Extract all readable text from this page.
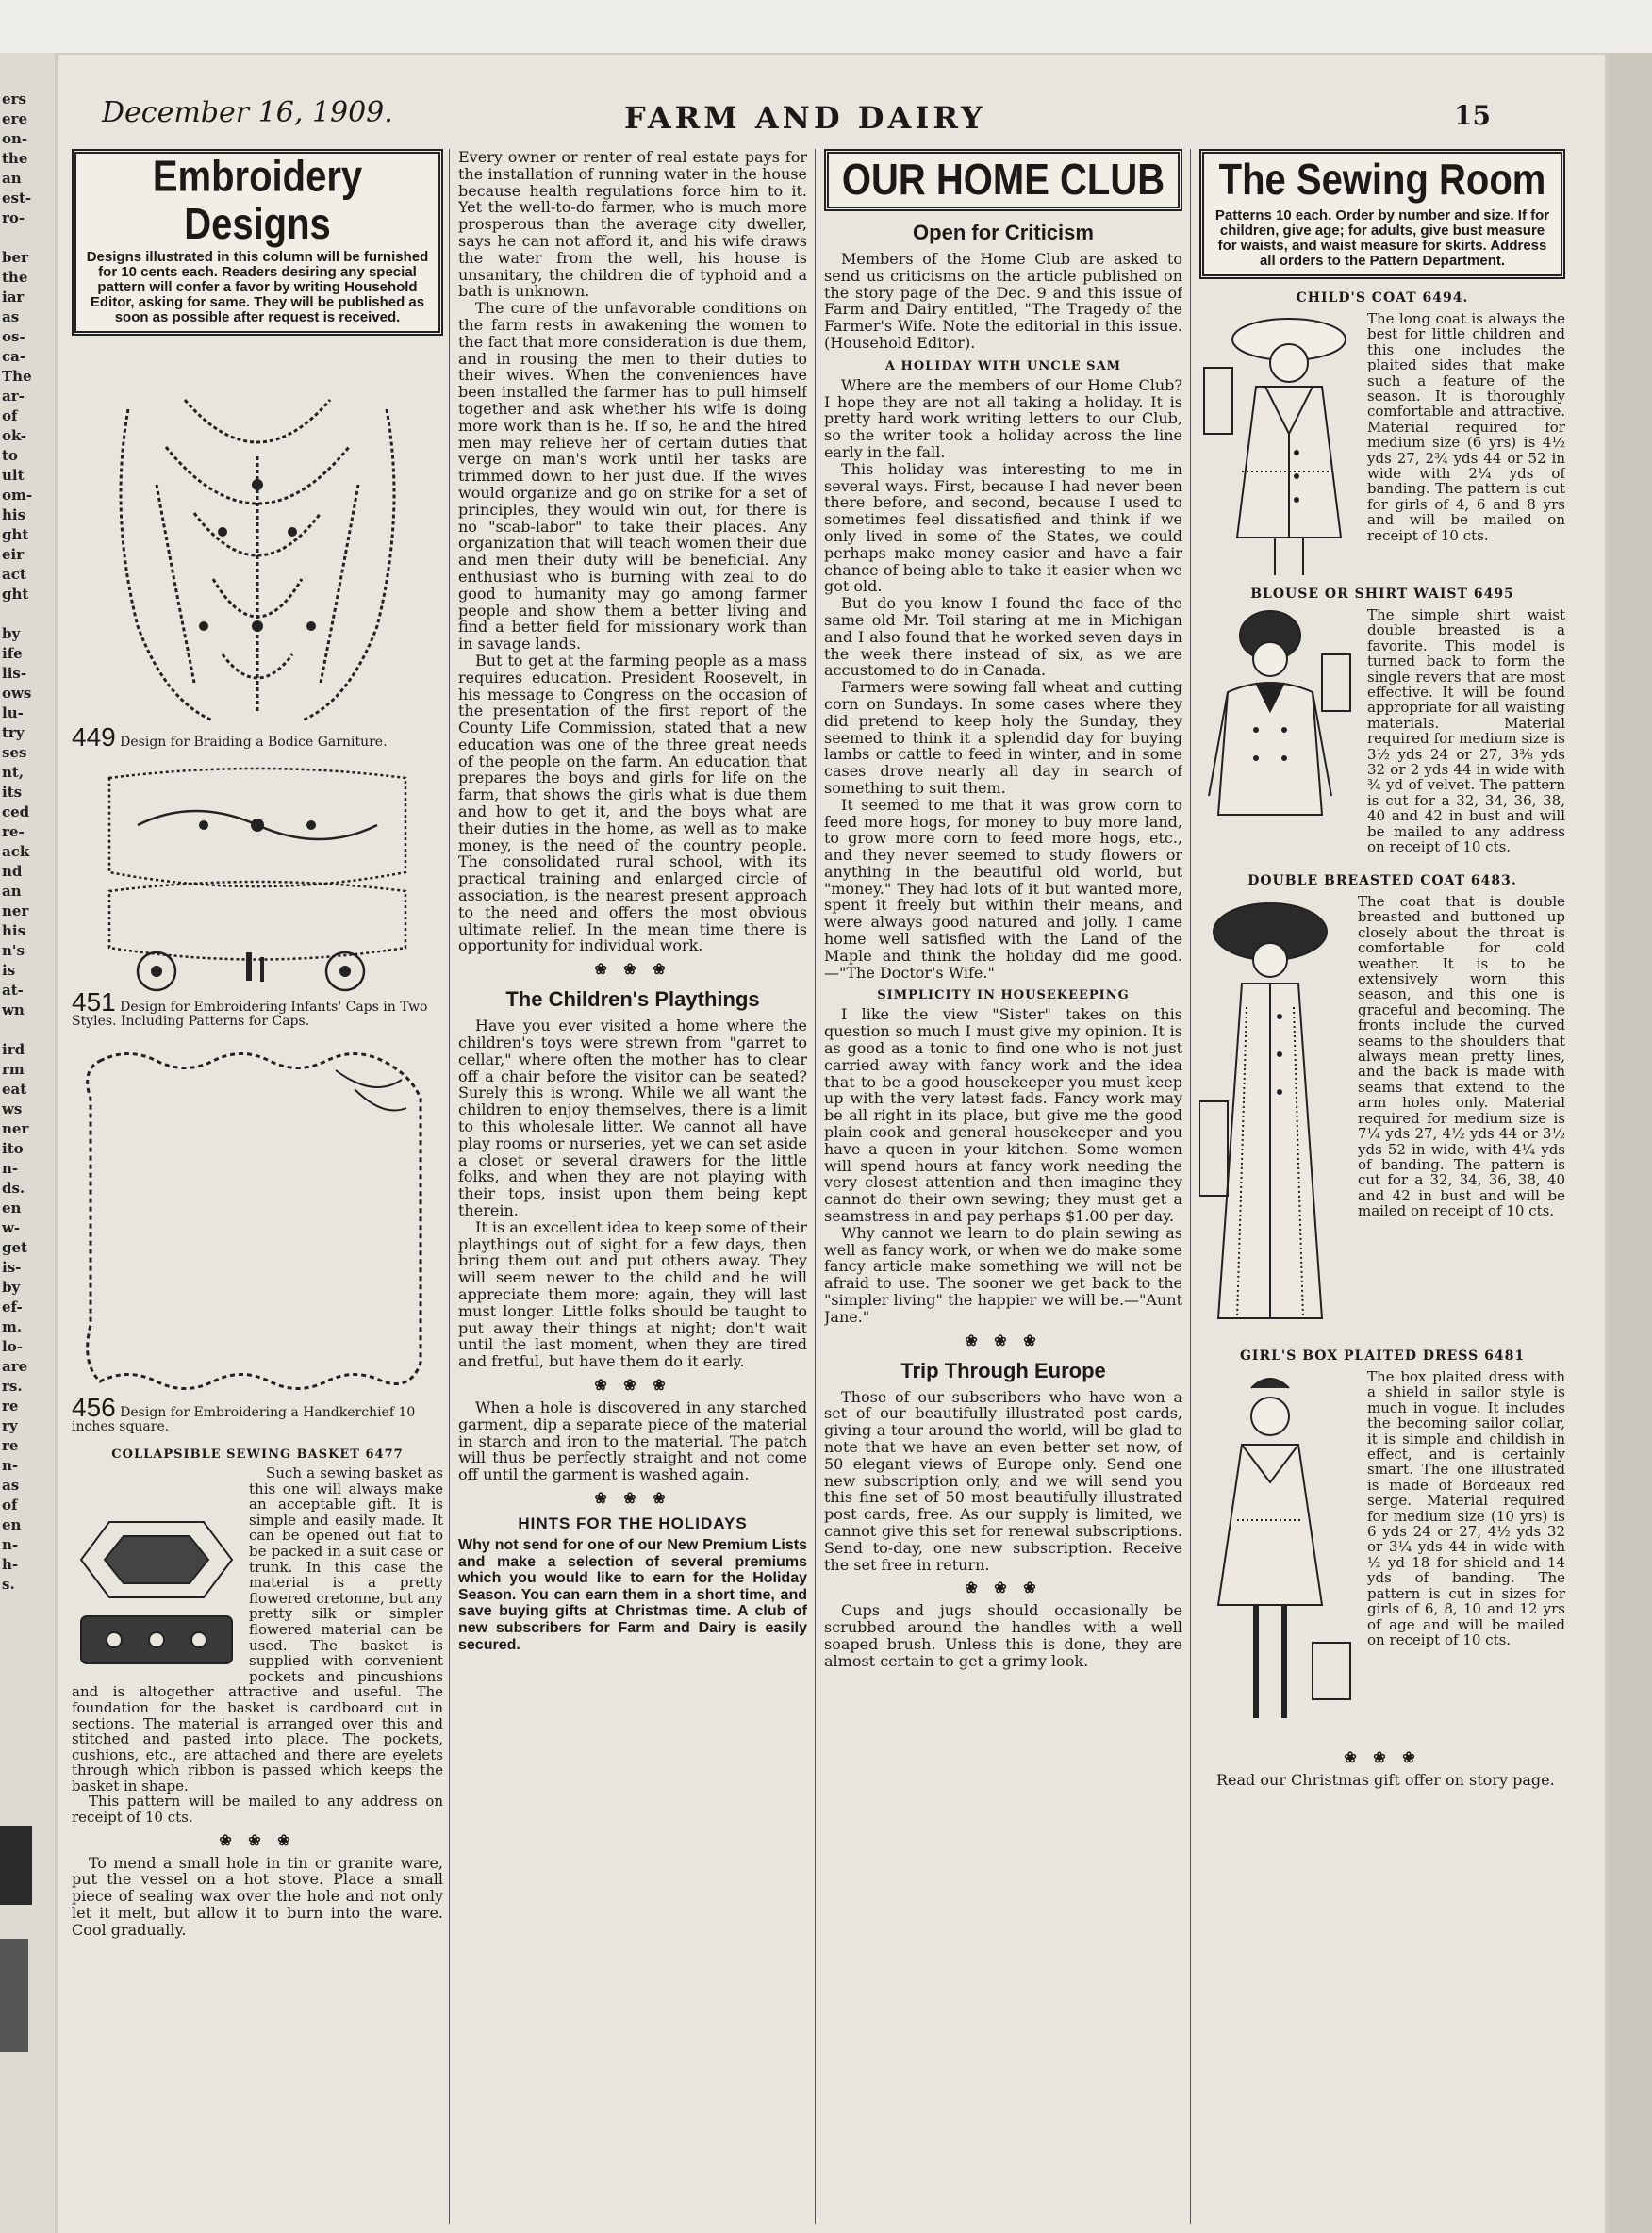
ers
ere
on-
the
an
est-
ro-
ber
the
iar
as
os-
ca-
The
ar-
of
ok-
to
ult
om-
his
ght
eir
act
ght
by
ife
lis-
ows
lu-
try
ses
nt,
its
ced
re-
ack
nd
an
ner
his
n's
is
at-
wn
ird
rm
eat
ws
ner
ito
n-
ds.
en
w-
get
is-
by
ef-
m.
lo-
are
rs.
re
ry
re
n-
as
of
en
n-
h-
s.
December 16, 1909.	FARM AND DAIRY	15
Embroidery Designs
Designs illustrated in this column will be furnished for 10 cents each. Readers desiring any special pattern will confer a favor by writing Household Editor, asking for same. They will be published as soon as possible after request is received.
449 Design for Braiding a Bodice Garniture.
451 Design for Embroidering Infants' Caps in Two Styles. Including Patterns for Caps.
456 Design for Embroidering a Handkerchief 10 inches square.
COLLAPSIBLE SEWING BASKET 6477

Such a sewing basket as this one will always make an acceptable gift. It is simple and easily made. It can be opened out flat to be packed in a suit case or trunk. In this case the material is a pretty flowered cretonne, but any pretty silk or simpler flowered material can be used. The basket is supplied with convenient pockets and pincushions and is altogether attractive and useful. The foundation for the basket is cardboard cut in sections. The material is arranged over this and stitched and pasted into place. The pockets, cushions, etc., are attached and there are eyelets through which ribbon is passed which keeps the basket in shape.

This pattern will be mailed to any address on receipt of 10 cts.

❀ ❀ ❀

To mend a small hole in tin or granite ware, put the vessel on a hot stove. Place a small piece of sealing wax over the hole and not only let it melt, but allow it to burn into the ware. Cool gradually.

Every owner or renter of real estate pays for the installation of running water in the house because health regulations force him to it. Yet the well-to-do farmer, who is much more prosperous than the average city dweller, says he can not afford it, and his wife draws the water from the well, his house is unsanitary, the children die of typhoid and a bath is unknown.

The cure of the unfavorable conditions on the farm rests in awakening the women to the fact that more consideration is due them, and in rousing the men to their duties to their wives. When the conveniences have been installed the farmer has to pull himself together and ask whether his wife is doing more work than is he. If so, he and the hired men may relieve her of certain duties that verge on man's work until her tasks are trimmed down to her just due. If the wives would organize and go on strike for a set of principles, they would win out, for there is no "scab-labor" to take their places. Any organization that will teach women their due and men their duty will be beneficial. Any enthusiast who is burning with zeal to do good to humanity may go among farmer people and show them a better living and find a better field for missionary work than in savage lands.

But to get at the farming people as a mass requires education. President Roosevelt, in his message to Congress on the occasion of the presentation of the first report of the County Life Commission, stated that a new education was one of the three great needs of the people on the farm. An education that prepares the boys and girls for life on the farm, that shows the girls what is due them and how to get it, and the boys what are their duties in the home, as well as to make money, is the need of the country people. The consolidated rural school, with its practical training and enlarged circle of association, is the nearest present approach to the need and offers the most obvious ultimate relief. In the mean time there is opportunity for individual work.

❀ ❀ ❀
The Children's Playthings

Have you ever visited a home where the children's toys were strewn from "garret to cellar," where often the mother has to clear off a chair before the visitor can be seated? Surely this is wrong. While we all want the children to enjoy themselves, there is a limit to this wholesale litter. We cannot all have play rooms or nurseries, yet we can set aside a closet or several drawers for the little folks, and when they are not playing with their tops, insist upon them being kept therein.

It is an excellent idea to keep some of their playthings out of sight for a few days, then bring them out and put others away. They will seem newer to the child and he will appreciate them more; again, they will last must longer. Little folks should be taught to put away their things at night; don't wait until the last moment, when they are tired and fretful, but have them do it early.

❀ ❀ ❀

When a hole is discovered in any starched garment, dip a separate piece of the material in starch and iron to the material. The patch will thus be perfectly straight and not come off until the garment is washed again.

❀ ❀ ❀
HINTS FOR THE HOLIDAYS
Why not send for one of our New Premium Lists and make a selection of several premiums which you would like to earn for the Holiday Season. You can earn them in a short time, and save buying gifts at Christmas time. A club of new subscribers for Farm and Dairy is easily secured.
OUR HOME CLUB
Open for Criticism

Members of the Home Club are asked to send us criticisms on the article published on the story page of the Dec. 9 and this issue of Farm and Dairy entitled, "The Tragedy of the Farmer's Wife. Note the editorial in this issue. (Household Editor).

A HOLIDAY WITH UNCLE SAM

Where are the members of our Home Club? I hope they are not all taking a holiday. It is pretty hard work writing letters to our Club, so the writer took a holiday across the line early in the fall.

This holiday was interesting to me in several ways. First, because I had never been there before, and second, because I used to sometimes feel dissatisfied and think if we only lived in some of the States, we could perhaps make money easier and have a fair chance of being able to take it easier when we got old.

But do you know I found the face of the same old Mr. Toil staring at me in Michigan and I also found that he worked seven days in the week there instead of six, as we are accustomed to do in Canada.

Farmers were sowing fall wheat and cutting corn on Sundays. In some cases where they did pretend to keep holy the Sunday, they seemed to think it a splendid day for buying lambs or cattle to feed in winter, and in some cases drove nearly all day in search of something to suit them.

It seemed to me that it was grow corn to feed more hogs, for money to buy more land, to grow more corn to feed more hogs, etc., and they never seemed to study flowers or anything in the beautiful old world, but "money." They had lots of it but wanted more, spent it freely but within their means, and were always good natured and jolly. I came home well satisfied with the Land of the Maple and think the holiday did me good.—"The Doctor's Wife."

SIMPLICITY IN HOUSEKEEPING

I like the view "Sister" takes on this question so much I must give my opinion. It is as good as a tonic to find one who is not just carried away with fancy work and the idea that to be a good housekeeper you must keep up with the very latest fads. Fancy work may be all right in its place, but give me the good plain cook and general housekeeper and you have a queen in your kitchen. Some women will spend hours at fancy work needing the very closest attention and then imagine they cannot do their own sewing; they must get a seamstress in and pay perhaps $1.00 per day.

Why cannot we learn to do plain sewing as well as fancy work, or when we do make some fancy article make something we will not be afraid to use. The sooner we get back to the "simpler living" the happier we will be.—"Aunt Jane."

❀ ❀ ❀
Trip Through Europe

Those of our subscribers who have won a set of our beautifully illustrated post cards, giving a tour around the world, will be glad to note that we have an even better set now, of 50 elegant views of Europe only. Send one new subscription only, and we will send you this fine set of 50 most beautifully illustrated post cards, free. As our supply is limited, we cannot give this set for renewal subscriptions. Send to-day, one new subscription. Receive the set free in return.

❀ ❀ ❀

Cups and jugs should occasionally be scrubbed around the handles with a well soaped brush. Unless this is done, they are almost certain to get a grimy look.

The Sewing Room
Patterns 10 each. Order by number and size. If for children, give age; for adults, give bust measure for waists, and waist measure for skirts. Address all orders to the Pattern Department.
CHILD'S COAT 6494.
The long coat is always the best for little children and this one includes the plaited sides that make such a feature of the season. It is thoroughly comfortable and attractive. Material required for medium size (6 yrs) is 4½ yds 27, 2¾ yds 44 or 52 in wide with 2¼ yds of banding. The pattern is cut for girls of 4, 6 and 8 yrs and will be mailed on receipt of 10 cts.
BLOUSE OR SHIRT WAIST 6495
The simple shirt waist double breasted is a favorite. This model is turned back to form the single revers that are most effective. It will be found appropriate for all waisting materials. Material required for medium size is 3½ yds 24 or 27, 3⅜ yds 32 or 2 yds 44 in wide with ¾ yd of velvet. The pattern is cut for a 32, 34, 36, 38, 40 and 42 in bust and will be mailed to any address on receipt of 10 cts.
DOUBLE BREASTED COAT 6483.
The coat that is double breasted and buttoned up closely about the throat is comfortable for cold weather. It is to be extensively worn this season, and this one is graceful and becoming. The fronts include the curved seams to the shoulders that always mean pretty lines, and the back is made with seams that extend to the arm holes only. Material required for medium size is 7¼ yds 27, 4½ yds 44 or 3½ yds 52 in wide, with 4¼ yds of banding. The pattern is cut for a 32, 34, 36, 38, 40 and 42 in bust and will be mailed on receipt of 10 cts.
GIRL'S BOX PLAITED DRESS 6481
The box plaited dress with a shield in sailor style is much in vogue. It includes the becoming sailor collar, it is simple and childish in effect, and is certainly smart. The one illustrated is made of Bordeaux red serge. Material required for medium size (10 yrs) is 6 yds 24 or 27, 4½ yds 32 or 3¼ yds 44 in wide with ½ yd 18 for shield and 14 yds of banding. The pattern is cut in sizes for girls of 6, 8, 10 and 12 yrs of age and will be mailed on receipt of 10 cts.
❀ ❀ ❀

Read our Christmas gift offer on story page.
